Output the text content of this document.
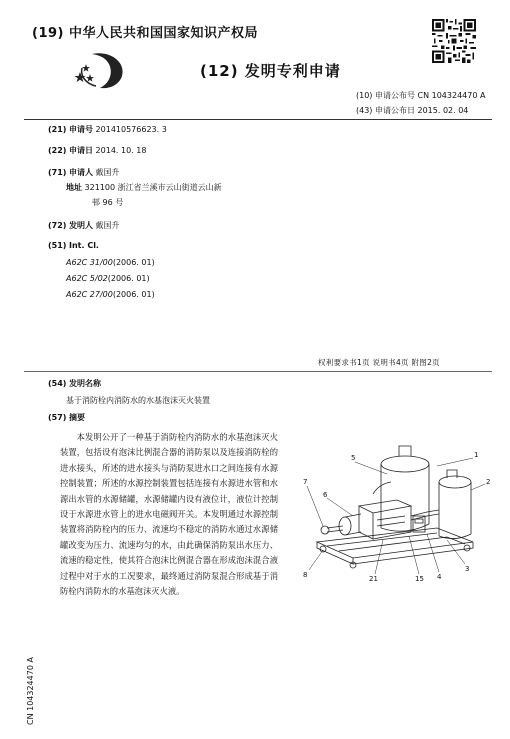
(19) 中华人民共和国国家知识产权局
(12) 发明专利申请
(10) 申请公布号 CN 104324470 A
(43) 申请公布日 2015. 02. 04
(21) 申请号 201410576623. 3
(22) 申请日 2014. 10. 18
(71) 申请人 戴国升
地址 321100 浙江省兰溪市云山街道云山新
邨 96 号
(72) 发明人 戴国升
(51) Int. Cl.
A62C 31/00(2006. 01)
A62C 5/02(2006. 01)
A62C 27/00(2006. 01)
权利要求书1页 说明书4页 附图2页
(54) 发明名称
基于消防栓内消防水的水基泡沫灭火装置
(57) 摘要

本发明公开了一种基于消防栓内消防水的水基泡沫灭火装置，包括设有泡沫比例混合器的消防泵以及连接消防栓的进水接头，所述的进水接头与消防泵进水口之间连接有水源控制装置；所述的水源控制装置包括连接有水源进水管和水源出水管的水源储罐，水源储罐内设有液位计，液位计控制设于水源进水管上的进水电磁阀开关。本发明通过水源控制装置将消防栓内的压力、流速均不稳定的消防水通过水源储罐改变为压力、流速均匀的水，由此确保消防泵出水压力、流速的稳定性，使其符合泡沫比例混合器在形成泡沫混合液过程中对于水的工况要求，最终通过消防泵混合形成基于消防栓内消防水的水基泡沫灭火液。

1
2
3
4
5
6
7
8	15
21
CN 104324470 A
